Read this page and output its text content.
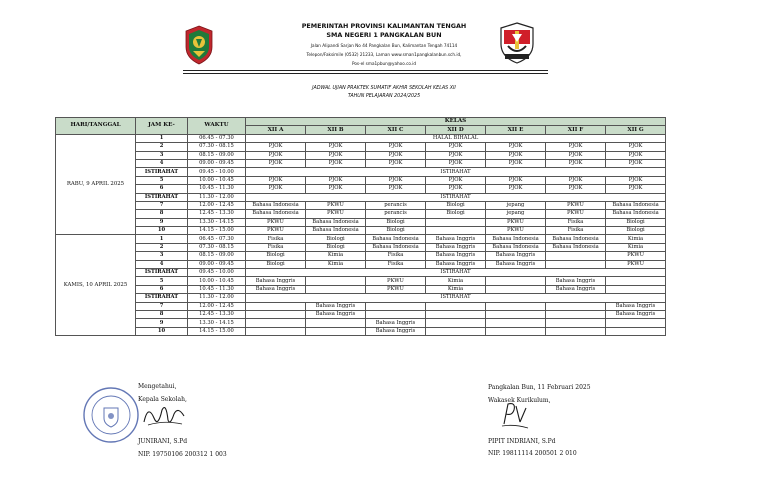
PEMERINTAH PROVINSI KALIMANTAN TENGAH
SMA NEGERI 1 PANGKALAN BUN
Jalan Alipandi Sarjan No 44 Pangkalan Bun, Kalimantan Tengah 74114
Telepon/Faksimile (0532) 21233, Laman www.sman1pangkalanbun.sch.id,
Pos-el sma1pbun@yahoo.co.id
JADWAL UJIAN PRAKTEK SUMATIF AKHIR SEKOLAH KELAS XII
TAHUN PELAJARAN 2024/2025
HARI/TANGGAL	JAM KE-	WAKTU	KELAS						
			XII A	XII B	XII C	XII D	XII E	XII F	XII G
RABU, 9 APRIL 2025	1	06.45 - 07.30	HALAL BIHALAL						
	2	07.30 - 08.15	PJOK	PJOK	PJOK	PJOK	PJOK	PJOK	PJOK
	3	08.15 - 09.00	PJOK	PJOK	PJOK	PJOK	PJOK	PJOK	PJOK
	4	09.00 - 09.45	PJOK	PJOK	PJOK	PJOK	PJOK	PJOK	PJOK
	ISTIRAHAT	09.45 - 10.00	ISTIRAHAT						
	5	10.00 - 10.45	PJOK	PJOK	PJOK	PJOK	PJOK	PJOK	PJOK
	6	10.45 - 11.30	PJOK	PJOK	PJOK	PJOK	PJOK	PJOK	PJOK
	ISTIRAHAT	11.30 - 12.00	ISTIRAHAT						
	7	12.00 - 12.45	Bahasa Indonesia	PKWU	perancis	Biologi	jepang	PKWU	Bahasa Indonesia
	8	12.45 - 13.30	Bahasa Indonesia	PKWU	perancis	Biologi	jepang	PKWU	Bahasa Indonesia
	9	13.30 - 14.15	PKWU	Bahasa Indonesia	Biologi		PKWU	Fisika	Biologi
	10	14.15 - 15.00	PKWU	Bahasa Indonesia	Biologi		PKWU	Fisika	Biologi
KAMIS, 10 APRIL 2025	1	06.45 - 07.30	Fisika	Biologi	Bahasa Indonesia	Bahasa Inggris	Bahasa Indonesia	Bahasa Indonesia	Kimia
	2	07.30 - 08.15	Fisika	Biologi	Bahasa Indonesia	Bahasa Inggris	Bahasa Indonesia	Bahasa Indonesia	Kimia
	3	08.15 - 09.00	Biologi	Kimia	Fisika	Bahasa Inggris	Bahasa Inggris		PKWU
	4	09.00 - 09.45	Biologi	Kimia	Fisika	Bahasa Inggris	Bahasa Inggris		PKWU
	ISTIRAHAT	09.45 - 10.00	ISTIRAHAT						
	5	10.00 - 10.45	Bahasa Inggris		PKWU	Kimia		Bahasa Inggris	
	6	10.45 - 11.30	Bahasa Inggris		PKWU	Kimia		Bahasa Inggris	
	ISTIRAHAT	11.30 - 12.00	ISTIRAHAT						
	7	12.00 - 12.45		Bahasa Inggris					Bahasa Inggris
	8	12.45 - 13.30		Bahasa Inggris					Bahasa Inggris
	9	13.30 - 14.15			Bahasa Inggris				
	10	14.15 - 15.00			Bahasa Inggris				
Mengetahui,
Kepala Sekolah,
JUNIRANI, S.Pd
NIP. 19750106 200312 1 003
Pangkalan Bun, 11 Februari 2025
Wakasek Kurikulum,
PIPIT INDRIANI, S.Pd
NIP. 19811114 200501 2 010
